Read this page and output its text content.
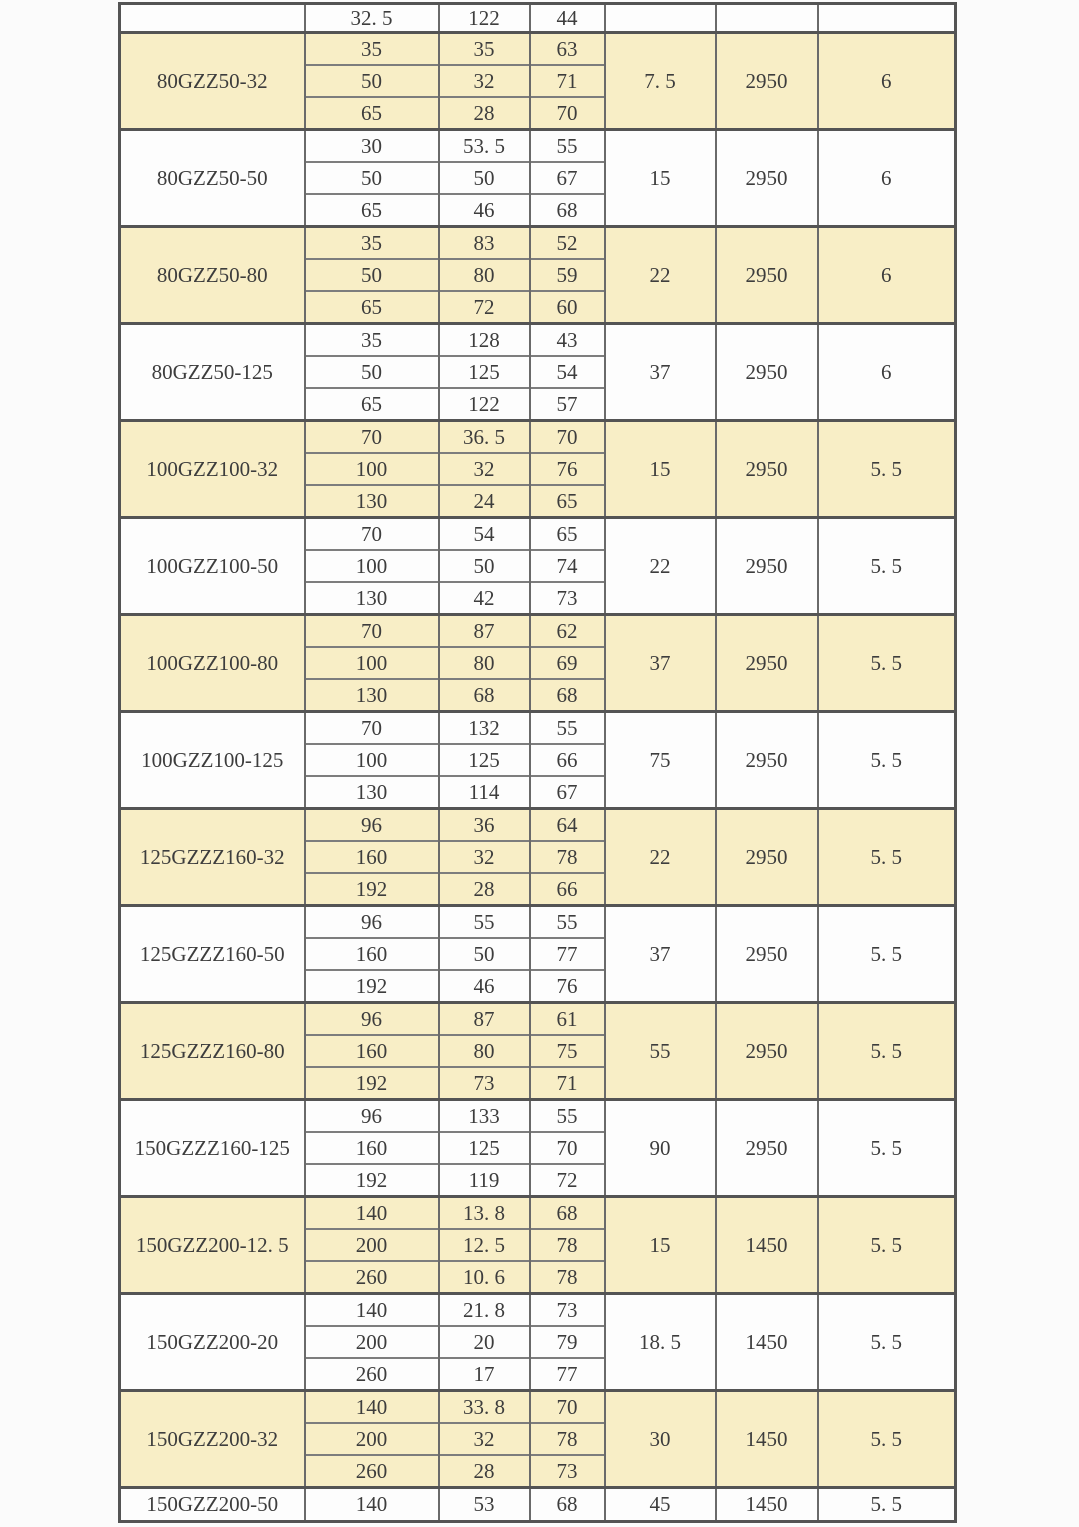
	32. 5	122	44			
80GZZ50-32	35	35	63	7. 5	2950	6
	50	32	71			
	65	28	70			
80GZZ50-50	30	53. 5	55	15	2950	6
	50	50	67			
	65	46	68			
80GZZ50-80	35	83	52	22	2950	6
	50	80	59			
	65	72	60			
80GZZ50-125	35	128	43	37	2950	6
	50	125	54			
	65	122	57			
100GZZ100-32	70	36. 5	70	15	2950	5. 5
	100	32	76			
	130	24	65			
100GZZ100-50	70	54	65	22	2950	5. 5
	100	50	74			
	130	42	73			
100GZZ100-80	70	87	62	37	2950	5. 5
	100	80	69			
	130	68	68			
100GZZ100-125	70	132	55	75	2950	5. 5
	100	125	66			
	130	114	67			
125GZZZ160-32	96	36	64	22	2950	5. 5
	160	32	78			
	192	28	66			
125GZZZ160-50	96	55	55	37	2950	5. 5
	160	50	77			
	192	46	76			
125GZZZ160-80	96	87	61	55	2950	5. 5
	160	80	75			
	192	73	71			
150GZZZ160-125	96	133	55	90	2950	5. 5
	160	125	70			
	192	119	72			
150GZZ200-12. 5	140	13. 8	68	15	1450	5. 5
	200	12. 5	78			
	260	10. 6	78			
150GZZ200-20	140	21. 8	73	18. 5	1450	5. 5
	200	20	79			
	260	17	77			
150GZZ200-32	140	33. 8	70	30	1450	5. 5
	200	32	78			
	260	28	73			
150GZZ200-50	140	53	68	45	1450	5. 5
